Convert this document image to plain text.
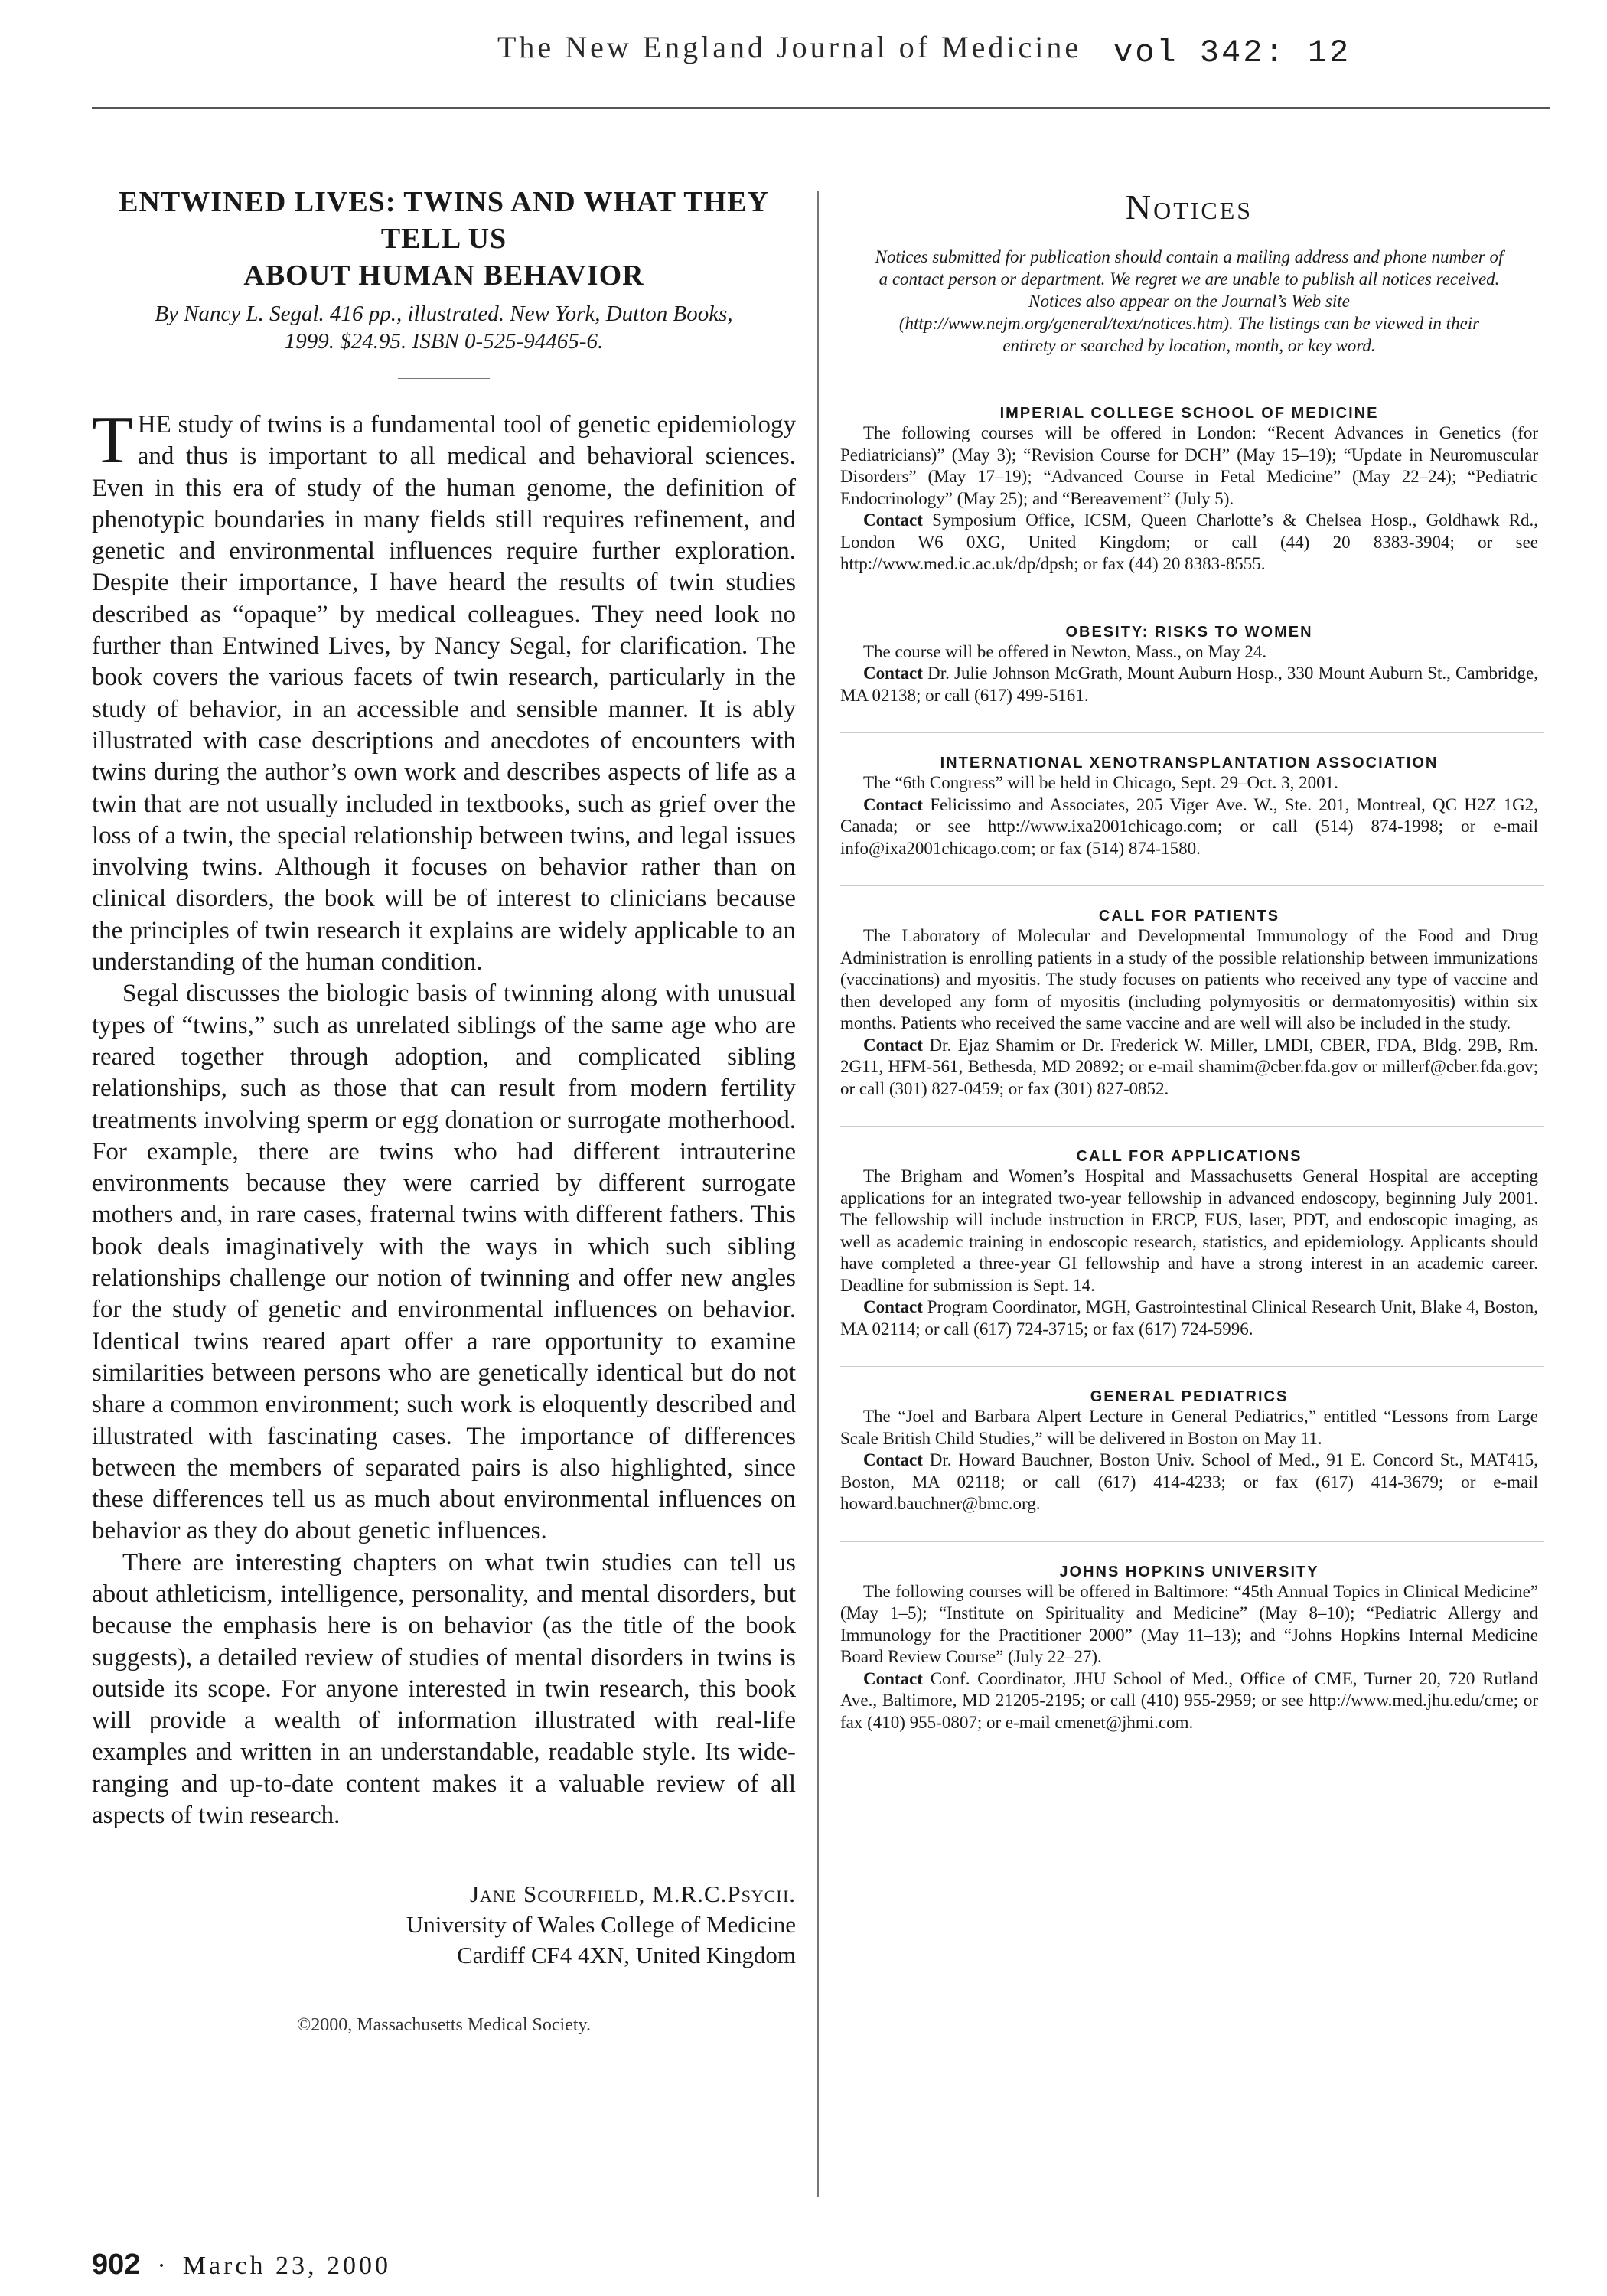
The New England Journal of Medicine vol 342: 12
ENTWINED LIVES: TWINS AND WHAT THEY TELL US
ABOUT HUMAN BEHAVIOR
By Nancy L. Segal. 416 pp., illustrated. New York, Dutton Books,
1999. $24.95. ISBN 0-525-94465-6.

THE study of twins is a fundamental tool of genetic epidemiology and thus is important to all medical and behavioral sciences. Even in this era of study of the human genome, the definition of phenotypic boundaries in many fields still requires refinement, and genetic and environmental influences require further exploration. Despite their importance, I have heard the results of twin studies described as “opaque” by medical colleagues. They need look no further than Entwined Lives, by Nancy Segal, for clarification. The book covers the various facets of twin research, particularly in the study of behavior, in an accessible and sensible manner. It is ably illustrated with case descriptions and anecdotes of encounters with twins during the author’s own work and describes aspects of life as a twin that are not usually included in textbooks, such as grief over the loss of a twin, the special relationship between twins, and legal issues involving twins. Although it focuses on behavior rather than on clinical disorders, the book will be of interest to clinicians because the principles of twin research it explains are widely applicable to an understanding of the human condition.

Segal discusses the biologic basis of twinning along with unusual types of “twins,” such as unrelated siblings of the same age who are reared together through adoption, and complicated sibling relationships, such as those that can result from modern fertility treatments involving sperm or egg donation or surrogate motherhood. For example, there are twins who had different intrauterine environments because they were carried by different surrogate mothers and, in rare cases, fraternal twins with different fathers. This book deals imaginatively with the ways in which such sibling relationships challenge our notion of twinning and offer new angles for the study of genetic and environmental influences on behavior. Identical twins reared apart offer a rare opportunity to examine similarities between persons who are genetically identical but do not share a common environment; such work is eloquently described and illustrated with fascinating cases. The importance of differences between the members of separated pairs is also highlighted, since these differences tell us as much about environmental influences on behavior as they do about genetic influences.

There are interesting chapters on what twin studies can tell us about athleticism, intelligence, personality, and mental disorders, but because the emphasis here is on behavior (as the title of the book suggests), a detailed review of studies of mental disorders in twins is outside its scope. For anyone interested in twin research, this book will provide a wealth of information illustrated with real-life examples and written in an understandable, readable style. Its wide-ranging and up-to-date content makes it a valuable review of all aspects of twin research.

Jane Scourfield, M.R.C.Psych.
University of Wales College of Medicine
Cardiff CF4 4XN, United Kingdom
©2000, Massachusetts Medical Society.
Notices
Notices submitted for publication should contain a mailing address and phone number of a contact person or department. We regret we are unable to publish all notices received. Notices also appear on the Journal’s Web site (http://www.nejm.org/general/text/notices.htm). The listings can be viewed in their entirety or searched by location, month, or key word.
IMPERIAL COLLEGE SCHOOL OF MEDICINE

The following courses will be offered in London: “Recent Advances in Genetics (for Pediatricians)” (May 3); “Revision Course for DCH” (May 15–19); “Update in Neuromuscular Disorders” (May 17–19); “Advanced Course in Fetal Medicine” (May 22–24); “Pediatric Endocrinology” (May 25); and “Bereavement” (July 5).

Contact Symposium Office, ICSM, Queen Charlotte’s & Chelsea Hosp., Goldhawk Rd., London W6 0XG, United Kingdom; or call (44) 20 8383-3904; or see http://www.med.ic.ac.uk/dp/dpsh; or fax (44) 20 8383-8555.

OBESITY: RISKS TO WOMEN

The course will be offered in Newton, Mass., on May 24.

Contact Dr. Julie Johnson McGrath, Mount Auburn Hosp., 330 Mount Auburn St., Cambridge, MA 02138; or call (617) 499-5161.

INTERNATIONAL XENOTRANSPLANTATION ASSOCIATION

The “6th Congress” will be held in Chicago, Sept. 29–Oct. 3, 2001.

Contact Felicissimo and Associates, 205 Viger Ave. W., Ste. 201, Montreal, QC H2Z 1G2, Canada; or see http://www.ixa2001chicago.com; or call (514) 874-1998; or e-mail info@ixa2001chicago.com; or fax (514) 874-1580.

CALL FOR PATIENTS

The Laboratory of Molecular and Developmental Immunology of the Food and Drug Administration is enrolling patients in a study of the possible relationship between immunizations (vaccinations) and myositis. The study focuses on patients who received any type of vaccine and then developed any form of myositis (including polymyositis or dermatomyositis) within six months. Patients who received the same vaccine and are well will also be included in the study.

Contact Dr. Ejaz Shamim or Dr. Frederick W. Miller, LMDI, CBER, FDA, Bldg. 29B, Rm. 2G11, HFM-561, Bethesda, MD 20892; or e-mail shamim@cber.fda.gov or millerf@cber.fda.gov; or call (301) 827-0459; or fax (301) 827-0852.

CALL FOR APPLICATIONS

The Brigham and Women’s Hospital and Massachusetts General Hospital are accepting applications for an integrated two-year fellowship in advanced endoscopy, beginning July 2001. The fellowship will include instruction in ERCP, EUS, laser, PDT, and endoscopic imaging, as well as academic training in endoscopic research, statistics, and epidemiology. Applicants should have completed a three-year GI fellowship and have a strong interest in an academic career. Deadline for submission is Sept. 14.

Contact Program Coordinator, MGH, Gastrointestinal Clinical Research Unit, Blake 4, Boston, MA 02114; or call (617) 724-3715; or fax (617) 724-5996.

GENERAL PEDIATRICS

The “Joel and Barbara Alpert Lecture in General Pediatrics,” entitled “Lessons from Large Scale British Child Studies,” will be delivered in Boston on May 11.

Contact Dr. Howard Bauchner, Boston Univ. School of Med., 91 E. Concord St., MAT415, Boston, MA 02118; or call (617) 414-4233; or fax (617) 414-3679; or e-mail howard.bauchner@bmc.org.

JOHNS HOPKINS UNIVERSITY

The following courses will be offered in Baltimore: “45th Annual Topics in Clinical Medicine” (May 1–5); “Institute on Spirituality and Medicine” (May 8–10); “Pediatric Allergy and Immunology for the Practitioner 2000” (May 11–13); and “Johns Hopkins Internal Medicine Board Review Course” (July 22–27).

Contact Conf. Coordinator, JHU School of Med., Office of CME, Turner 20, 720 Rutland Ave., Baltimore, MD 21205-2195; or call (410) 955-2959; or see http://www.med.jhu.edu/cme; or fax (410) 955-0807; or e-mail cmenet@jhmi.com.

902 · March 23, 2000
